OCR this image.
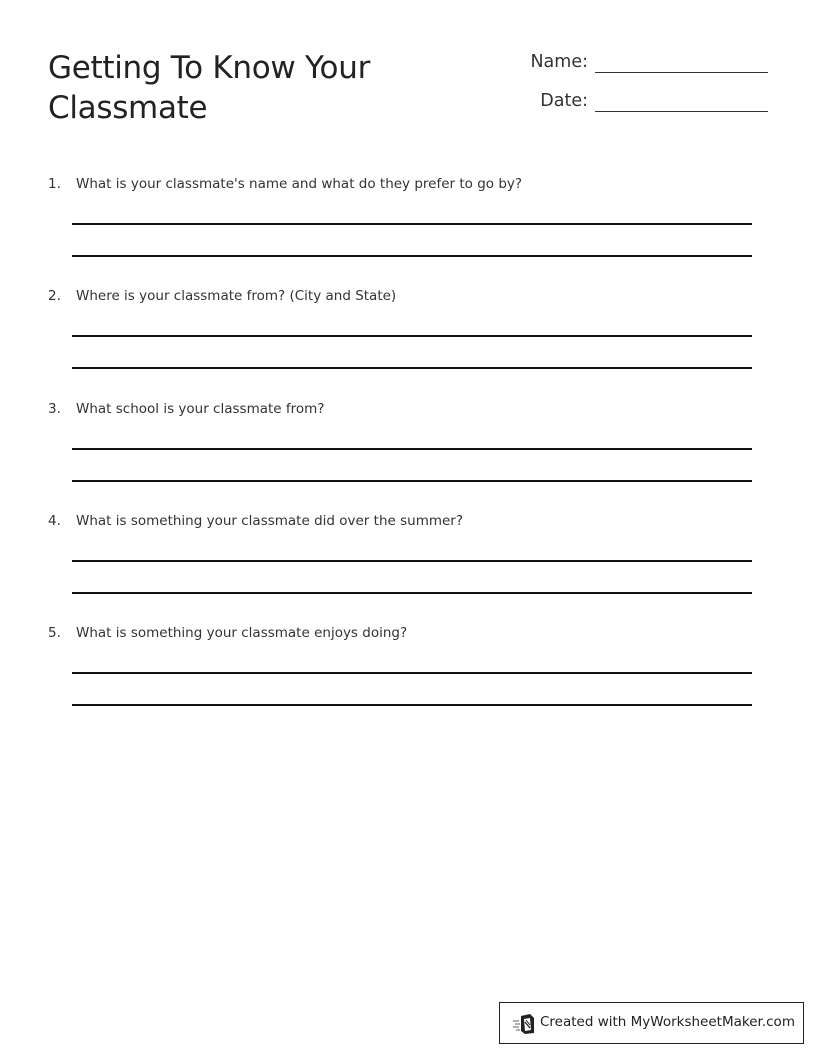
Getting To Know Your Classmate
Name:
Date:
1. What is your classmate's name and what do they prefer to go by?
2. Where is your classmate from? (City and State)
3. What school is your classmate from?
4. What is something your classmate did over the summer?
5. What is something your classmate enjoys doing?
Created with MyWorksheetMaker.com
